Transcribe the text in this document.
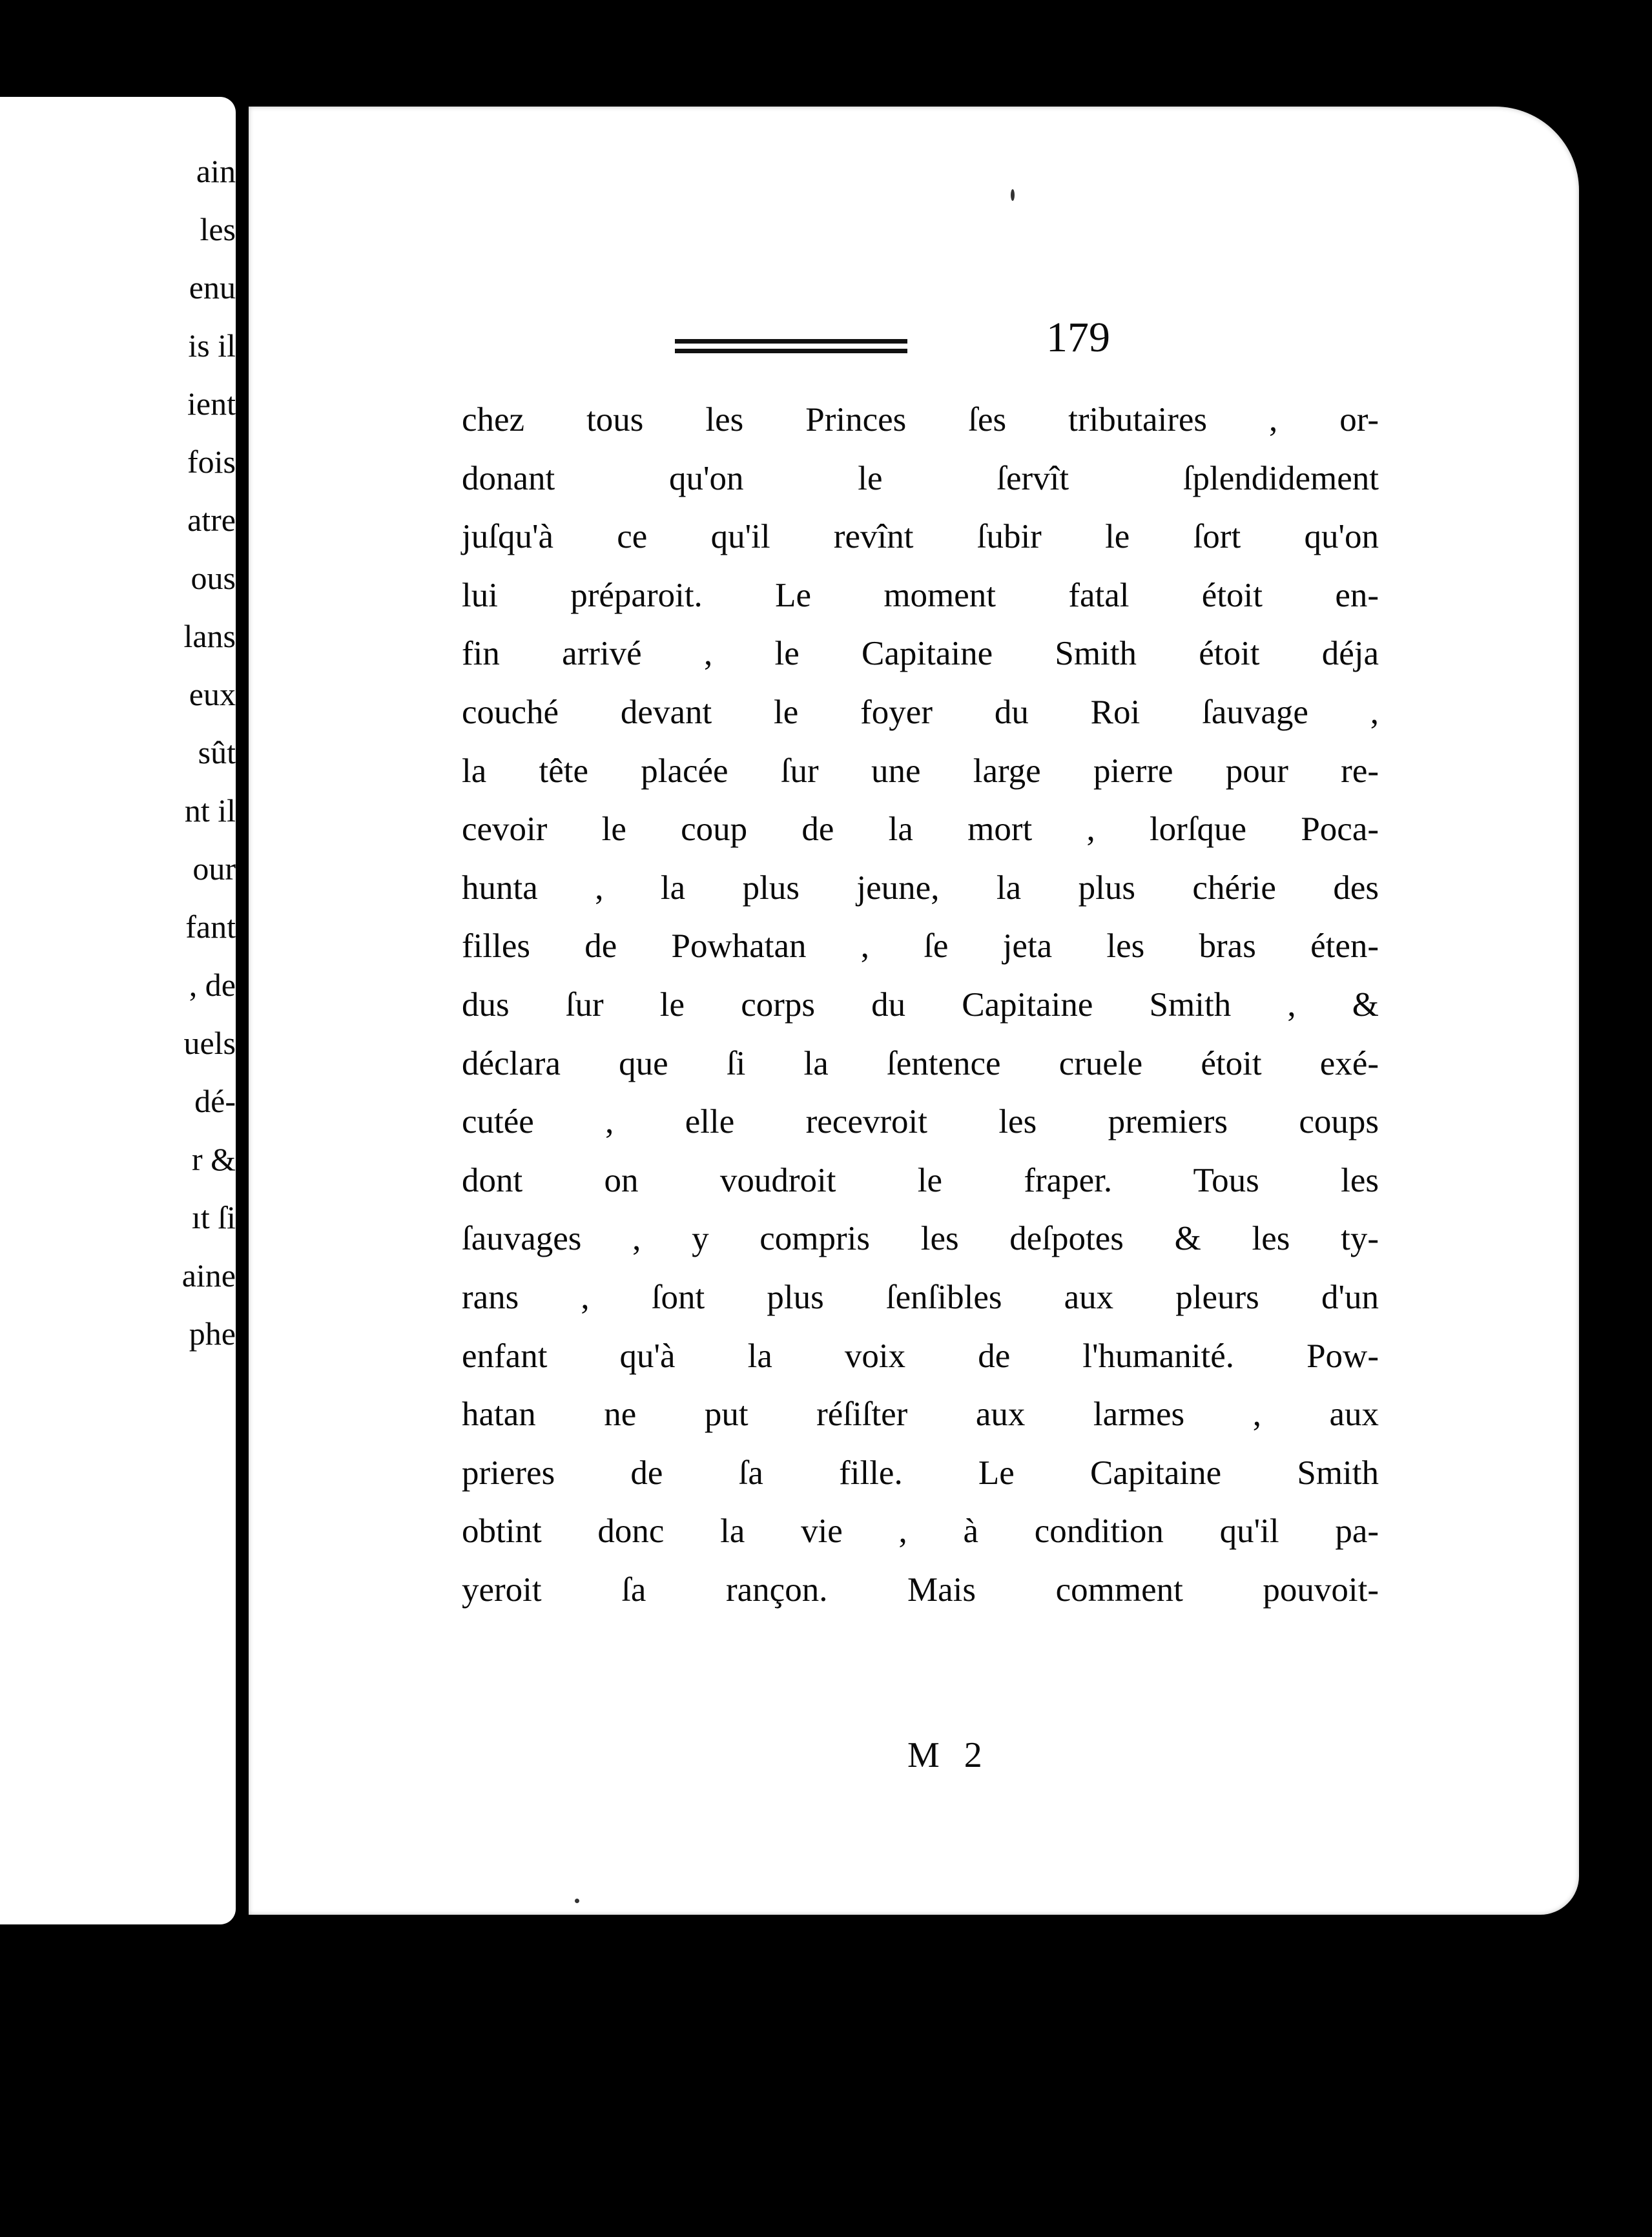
ain
les
enu
is il
ient
fois
atre
ous
lans
eux
sût
nt il
our
fant
, de
uels
dé-
r &
ıt ſi
aine
phe
179
chez tous les Princes ſes tributaires , or-
donant qu'on le ſervît ſplendidement
juſqu'à ce qu'il revînt ſubir le ſort qu'on
lui préparoit. Le moment fatal étoit en-
fin arrivé , le Capitaine Smith étoit déja
couché devant le foyer du Roi ſauvage ,
la tête placée ſur une large pierre pour re-
cevoir le coup de la mort , lorſque Poca-
hunta , la plus jeune, la plus chérie des
filles de Powhatan , ſe jeta les bras éten-
dus ſur le corps du Capitaine Smith , &
déclara que ſi la ſentence cruele étoit exé-
cutée , elle recevroit les premiers coups
dont on voudroit le fraper. Tous les
ſauvages , y compris les deſpotes & les ty-
rans , ſont plus ſenſibles aux pleurs d'un
enfant qu'à la voix de l'humanité. Pow-
hatan ne put réſiſter aux larmes , aux
prieres de ſa fille. Le Capitaine Smith
obtint donc la vie , à condition qu'il pa-
yeroit ſa rançon. Mais comment pouvoit-
M 2
